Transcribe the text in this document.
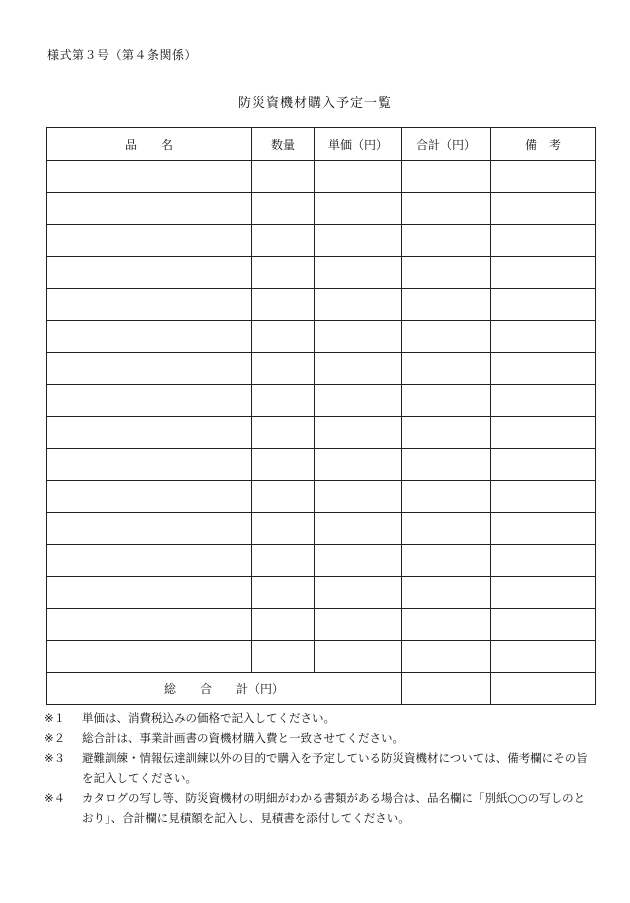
様式第３号（第４条関係）
防災資機材購入予定一覧
品　　名	数量	単価（円）	合計（円）	備　考

総　　合　　計（円）				
※１	単価は、消費税込みの価格で記入してください。
※２	総合計は、事業計画書の資機材購入費と一致させてください。
※３	避難訓練・情報伝達訓練以外の目的で購入を予定している防災資機材については、備考欄にその旨を記入してください。
※４	カタログの写し等、防災資機材の明細がわかる書類がある場合は、品名欄に「別紙○○の写しのとおり」、合計欄に見積額を記入し、見積書を添付してください。
